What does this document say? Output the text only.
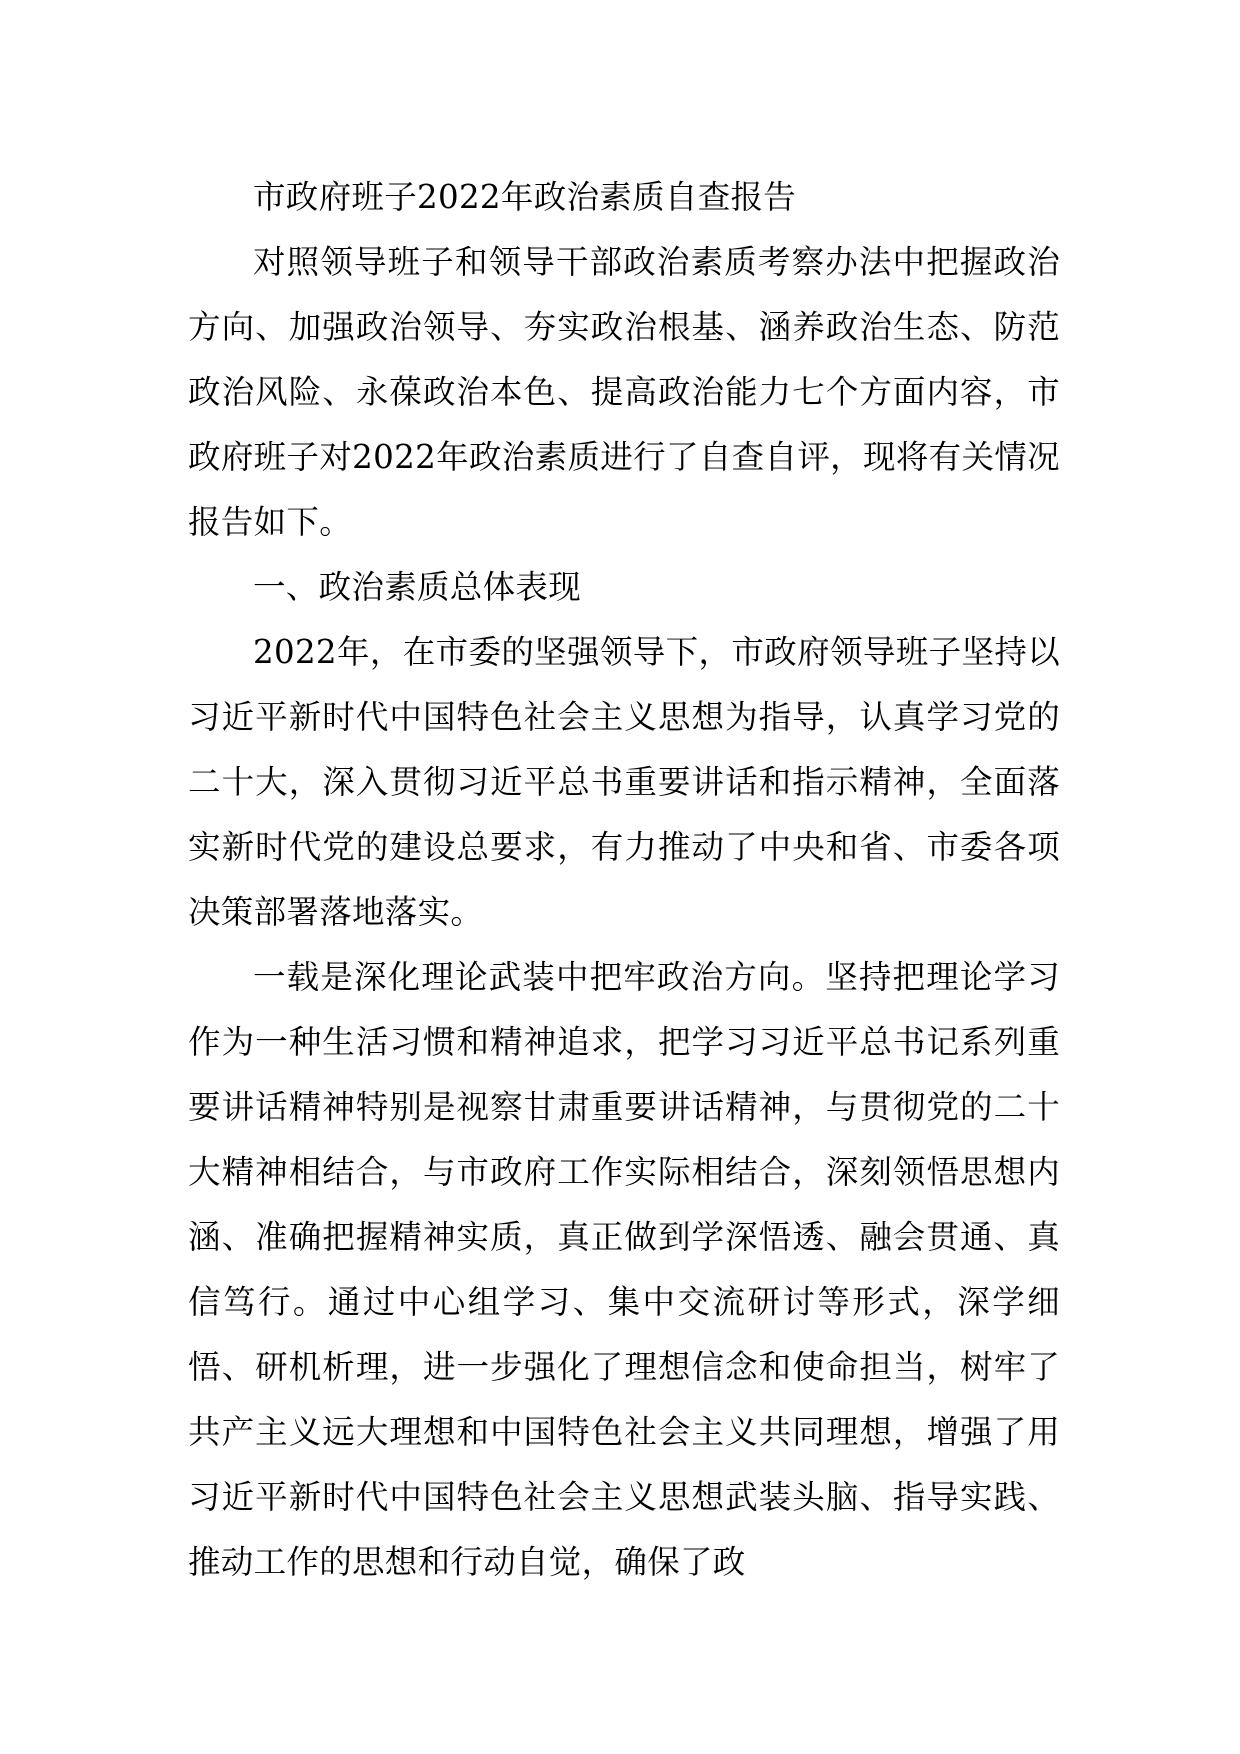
市政府班子2022年政治素质自查报告

对照领导班子和领导干部政治素质考察办法中把握政治方向、加强政治领导、夯实政治根基、涵养政治生态、防范政治风险、永葆政治本色、提高政治能力七个方面内容，市政府班子对2022年政治素质进行了自查自评，现将有关情况报告如下。

一、政治素质总体表现

2022年，在市委的坚强领导下，市政府领导班子坚持以习近平新时代中国特色社会主义思想为指导，认真学习党的二十大，深入贯彻习近平总书重要讲话和指示精神，全面落实新时代党的建设总要求，有力推动了中央和省、市委各项决策部署落地落实。

一载是深化理论武装中把牢政治方向。坚持把理论学习作为一种生活习惯和精神追求，把学习习近平总书记系列重要讲话精神特别是视察甘肃重要讲话精神，与贯彻党的二十大精神相结合，与市政府工作实际相结合，深刻领悟思想内涵、准确把握精神实质，真正做到学深悟透、融会贯通、真信笃行。通过中心组学习、集中交流研讨等形式，深学细悟、研机析理，进一步强化了理想信念和使命担当，树牢了共产主义远大理想和中国特色社会主义共同理想，增强了用习近平新时代中国特色社会主义思想武装头脑、指导实践、推动工作的思想和行动自觉，确保了政
